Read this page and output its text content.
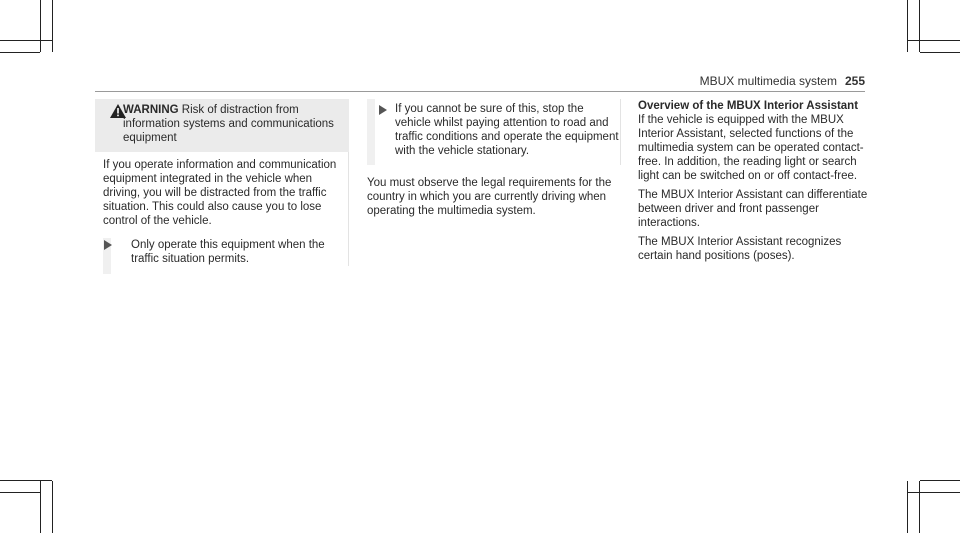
MBUX multimedia system 255
WARNING Risk of distraction from information systems and communications equipment

If you operate information and communication equipment integrated in the vehicle when driving, you will be distracted from the traffic situation. This could also cause you to lose control of the vehicle.

Only operate this equipment when the traffic situation permits.
If you cannot be sure of this, stop the vehicle whilst paying attention to road and traffic conditions and operate the equipment with the vehicle stationary.

You must observe the legal requirements for the country in which you are currently driving when operating the multimedia system.

Overview of the MBUX Interior Assistant

If the vehicle is equipped with the MBUX Interior Assistant, selected functions of the multimedia system can be operated contact-free. In addition, the reading light or search light can be switched on or off contact-free.

The MBUX Interior Assistant can differentiate between driver and front passenger interactions.

The MBUX Interior Assistant recognizes certain hand positions (poses).
